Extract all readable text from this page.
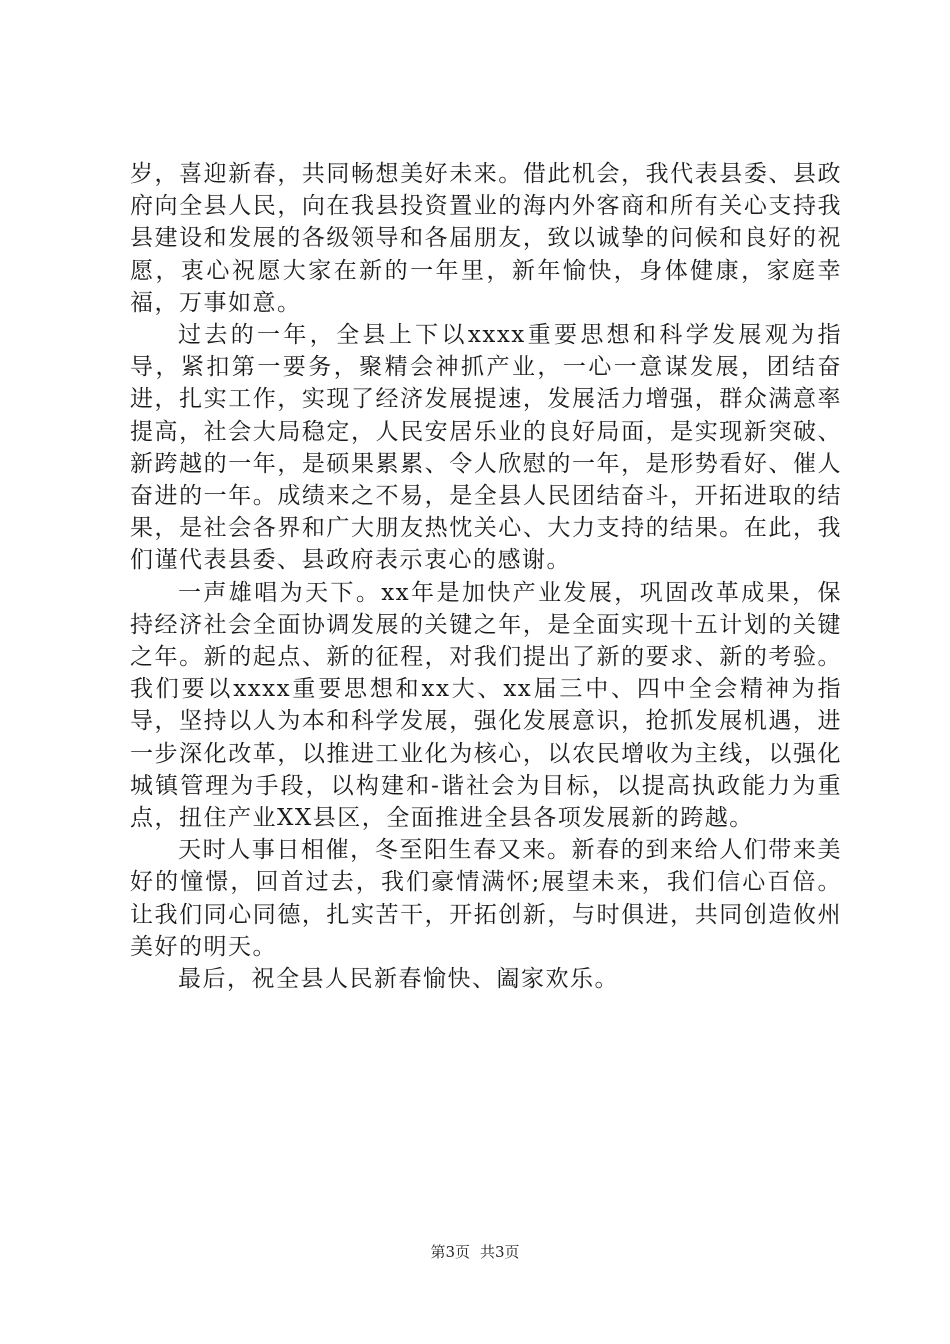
岁，喜迎新春，共同畅想美好未来。借此机会，我代表县委、县政府向全县人民，向在我县投资置业的海内外客商和所有关心支持我县建设和发展的各级领导和各届朋友，致以诚挚的问候和良好的祝愿，衷心祝愿大家在新的一年里，新年愉快，身体健康，家庭幸福，万事如意。

过去的一年，全县上下以xxxx重要思想和科学发展观为指导，紧扣第一要务，聚精会神抓产业，一心一意谋发展，团结奋进，扎实工作，实现了经济发展提速，发展活力增强，群众满意率提高，社会大局稳定，人民安居乐业的良好局面，是实现新突破、新跨越的一年，是硕果累累、令人欣慰的一年，是形势看好、催人奋进的一年。成绩来之不易，是全县人民团结奋斗，开拓进取的结果，是社会各界和广大朋友热忱关心、大力支持的结果。在此，我们谨代表县委、县政府表示衷心的感谢。

一声雄唱为天下。xx年是加快产业发展，巩固改革成果，保持经济社会全面协调发展的关键之年，是全面实现十五计划的关键之年。新的起点、新的征程，对我们提出了新的要求、新的考验。我们要以xxxx重要思想和xx大、xx届三中、四中全会精神为指导，坚持以人为本和科学发展，强化发展意识，抢抓发展机遇，进一步深化改革，以推进工业化为核心，以农民增收为主线，以强化城镇管理为手段，以构建和-谐社会为目标，以提高执政能力为重点，扭住产业XX县区，全面推进全县各项发展新的跨越。

天时人事日相催，冬至阳生春又来。新春的到来给人们带来美好的憧憬，回首过去，我们豪情满怀;展望未来，我们信心百倍。让我们同心同德，扎实苦干，开拓创新，与时俱进，共同创造攸州美好的明天。

最后，祝全县人民新春愉快、阖家欢乐。

第3页 共3页
